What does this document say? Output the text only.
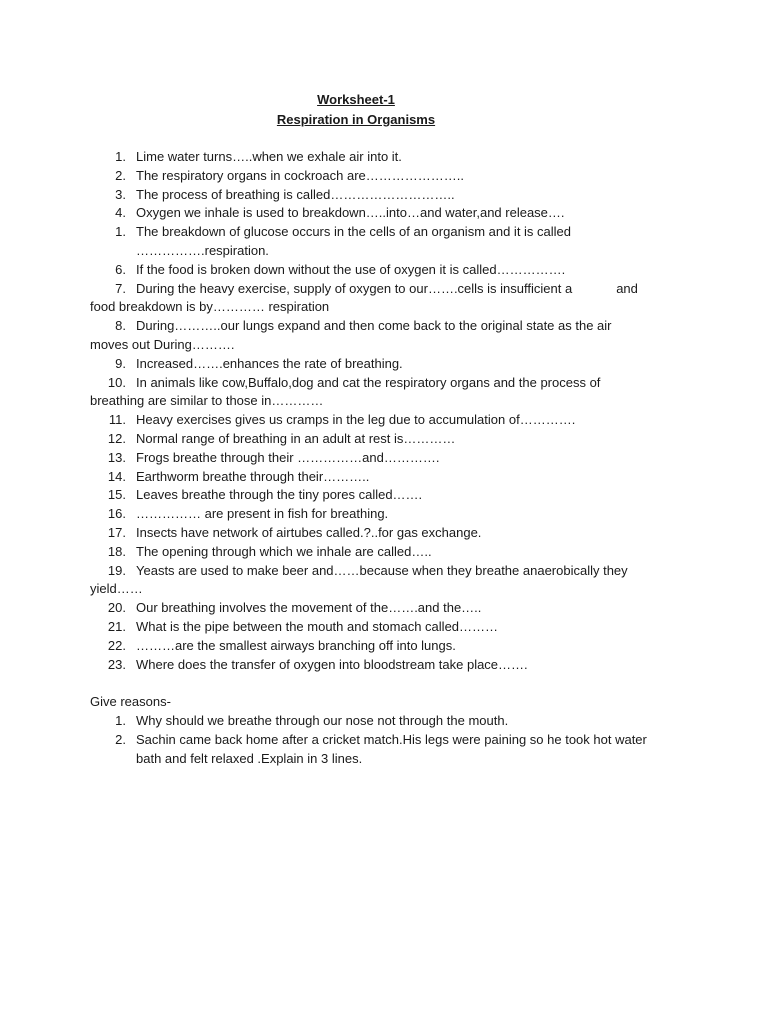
Worksheet-1
Respiration in Organisms
1. Lime water turns…..when we exhale air into it.
2. The respiratory organs in cockroach are…………………..
3. The process of breathing is called………………………..
4. Oxygen we inhale is used to breakdown…..into…and water,and release….
1. The breakdown of glucose occurs in the cells of an organism and it is called
…………….respiration.
6. If the food is broken down without the use of oxygen it is called…………….
7. During the heavy exercise, supply of oxygen to our…….cells is insufficient a	and
food breakdown is by………… respiration
8. During………..our lungs expand and then come back to the original state as the air
moves out During……….
9. Increased…….enhances the rate of breathing.
10. In animals like cow,Buffalo,dog and cat the respiratory organs and the process of
breathing are similar to those in…………
11. Heavy exercises gives us cramps in the leg due to accumulation of………….
12. Normal range of breathing in an adult at rest is…………
13. Frogs breathe through their ……………and………….
14. Earthworm breathe through their………..
15. Leaves breathe through the tiny pores called…….
16. …………… are present in fish for breathing.
17. Insects have network of airtubes called.?..for gas exchange.
18. The opening through which we inhale are called…..
19. Yeasts are used to make beer and……because when they breathe anaerobically they
yield……
20. Our breathing involves the movement of the…….and the…..
21. What is the pipe between the mouth and stomach called………
22. ………are the smallest airways branching off into lungs.
23. Where does the transfer of oxygen into bloodstream take place…….
Give reasons-
1. Why should we breathe through our nose not through the mouth.
2. Sachin came back home after a cricket match.His legs were paining so he took hot water
bath and felt relaxed .Explain in 3 lines.
